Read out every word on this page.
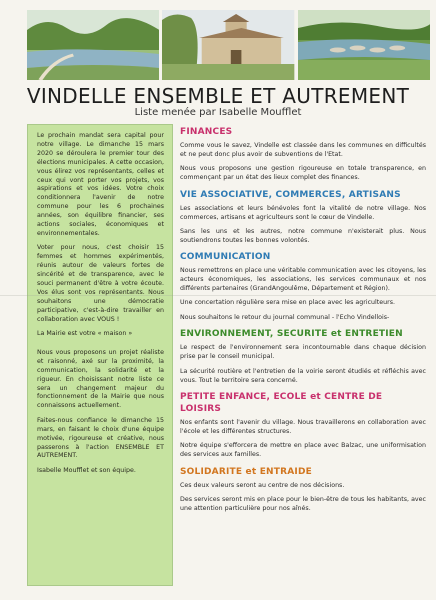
VINDELLE ENSEMBLE ET AUTREMENT
Liste menée par Isabelle Moufflet

Le prochain mandat sera capital pour notre village. Le dimanche 15 mars 2020 se déroulera le premier tour des élections municipales. A cette occasion, vous élirez vos représentants, celles et ceux qui vont porter vos projets, vos aspirations et vos idées. Votre choix conditionnera l'avenir de notre commune pour les 6 prochaines années, son équilibre financier, ses actions sociales, économiques et environnementales.

Voter pour nous, c'est choisir 15 femmes et hommes expérimentés, réunis autour de valeurs fortes de sincérité et de transparence, avec le souci permanent d'être à votre écoute. Vos élus sont vos représentants. Nous souhaitons une démocratie participative, c'est-à-dire travailler en collaboration avec VOUS !

La Mairie est votre « maison »

Nous vous proposons un projet réaliste et raisonné, axé sur la proximité, la communication, la solidarité et la rigueur. En choisissant notre liste ce sera un changement majeur du fonctionnement de la Mairie que nous connaissons actuellement.

Faites-nous confiance le dimanche 15 mars, en faisant le choix d'une équipe motivée, rigoureuse et créative, nous passerons à l'action ENSEMBLE ET AUTREMENT.

Isabelle Moufflet et son équipe.

FINANCES

Comme vous le savez, Vindelle est classée dans les communes en difficultés et ne peut donc plus avoir de subventions de l'Etat.

Nous vous proposons une gestion rigoureuse en totale transparence, en commençant par un état des lieux complet des finances.

VIE ASSOCIATIVE, COMMERCES, ARTISANS

Les associations et leurs bénévoles font la vitalité de notre village. Nos commerces, artisans et agriculteurs sont le cœur de Vindelle.

Sans les uns et les autres, notre commune n'existerait plus. Nous soutiendrons toutes les bonnes volontés.

COMMUNICATION

Nous remettrons en place une véritable communication avec les citoyens, les acteurs économiques, les associations, les services communaux et nos différents partenaires (GrandAngoulême, Département et Région).

Une concertation régulière sera mise en place avec les agriculteurs.

Nous souhaitons le retour du journal communal - l'Echo Vindellois-

ENVIRONNEMENT, SECURITE et ENTRETIEN

Le respect de l'environnement sera incontournable dans chaque décision prise par le conseil municipal.

La sécurité routière et l'entretien de la voirie seront étudiés et réfléchis avec vous. Tout le territoire sera concerné.

PETITE ENFANCE, ECOLE et CENTRE DE LOISIRS

Nos enfants sont l'avenir du village. Nous travaillerons en collaboration avec l'école et les différentes structures.

Notre équipe s'efforcera de mettre en place avec Balzac, une uniformisation des services aux familles.

SOLIDARITE et ENTRAIDE

Ces deux valeurs seront au centre de nos décisions.

Des services seront mis en place pour le bien-être de tous les habitants, avec une attention particulière pour nos aînés.
